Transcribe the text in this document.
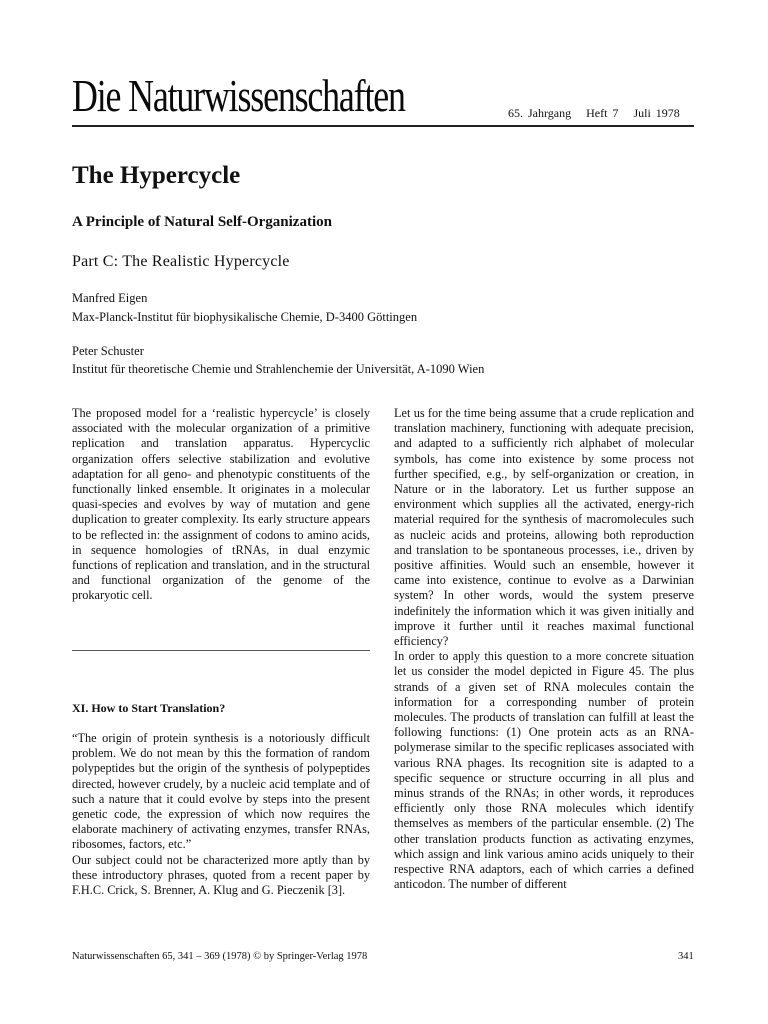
Die Naturwissenschaften	65. Jahrgang Heft 7 Juli 1978
The Hypercycle
A Principle of Natural Self-Organization
Part C: The Realistic Hypercycle
Manfred Eigen
Max-Planck-Institut für biophysikalische Chemie, D-3400 Göttingen
Peter Schuster
Institut für theoretische Chemie und Strahlenchemie der Universität, A-1090 Wien

The proposed model for a ‘realistic hypercycle’ is closely associated with the molecular organization of a primitive replication and translation apparatus. Hypercyclic organization offers selective stabilization and evolutive adaptation for all geno- and phenotypic constituents of the functionally linked ensemble. It originates in a molecular quasi-species and evolves by way of mutation and gene duplication to greater complexity. Its early structure appears to be reflected in: the assignment of codons to amino acids, in sequence homologies of tRNAs, in dual enzymic functions of replication and translation, and in the structural and functional organization of the genome of the prokaryotic cell.

XI. How to Start Translation?

“The origin of protein synthesis is a notoriously difficult problem. We do not mean by this the formation of random polypeptides but the origin of the synthesis of polypeptides directed, however crudely, by a nucleic acid template and of such a nature that it could evolve by steps into the present genetic code, the expression of which now requires the elaborate machinery of activating enzymes, transfer RNAs, ribosomes, factors, etc.”

Our subject could not be characterized more aptly than by these introductory phrases, quoted from a recent paper by F.H.C. Crick, S. Brenner, A. Klug and G. Pieczenik [3].

Let us for the time being assume that a crude replication and translation machinery, functioning with adequate precision, and adapted to a sufficiently rich alphabet of molecular symbols, has come into existence by some process not further specified, e.g., by self-organization or creation, in Nature or in the laboratory. Let us further suppose an environment which supplies all the activated, energy-rich material required for the synthesis of macromolecules such as nucleic acids and proteins, allowing both reproduction and translation to be spontaneous processes, i.e., driven by positive affinities. Would such an ensemble, however it came into existence, continue to evolve as a Darwinian system? In other words, would the system preserve indefinitely the information which it was given initially and improve it further until it reaches maximal functional efficiency?

In order to apply this question to a more concrete situation let us consider the model depicted in Figure 45. The plus strands of a given set of RNA molecules contain the information for a corresponding number of protein molecules. The products of translation can fulfill at least the following functions: (1) One protein acts as an RNA-polymerase similar to the specific replicases associated with various RNA phages. Its recognition site is adapted to a specific sequence or structure occurring in all plus and minus strands of the RNAs; in other words, it reproduces efficiently only those RNA molecules which identify themselves as members of the particular ensemble. (2) The other translation products function as activating enzymes, which assign and link various amino acids uniquely to their respective RNA adaptors, each of which carries a defined anticodon. The number of different

Naturwissenschaften 65, 341 – 369 (1978) © by Springer-Verlag 1978	341
